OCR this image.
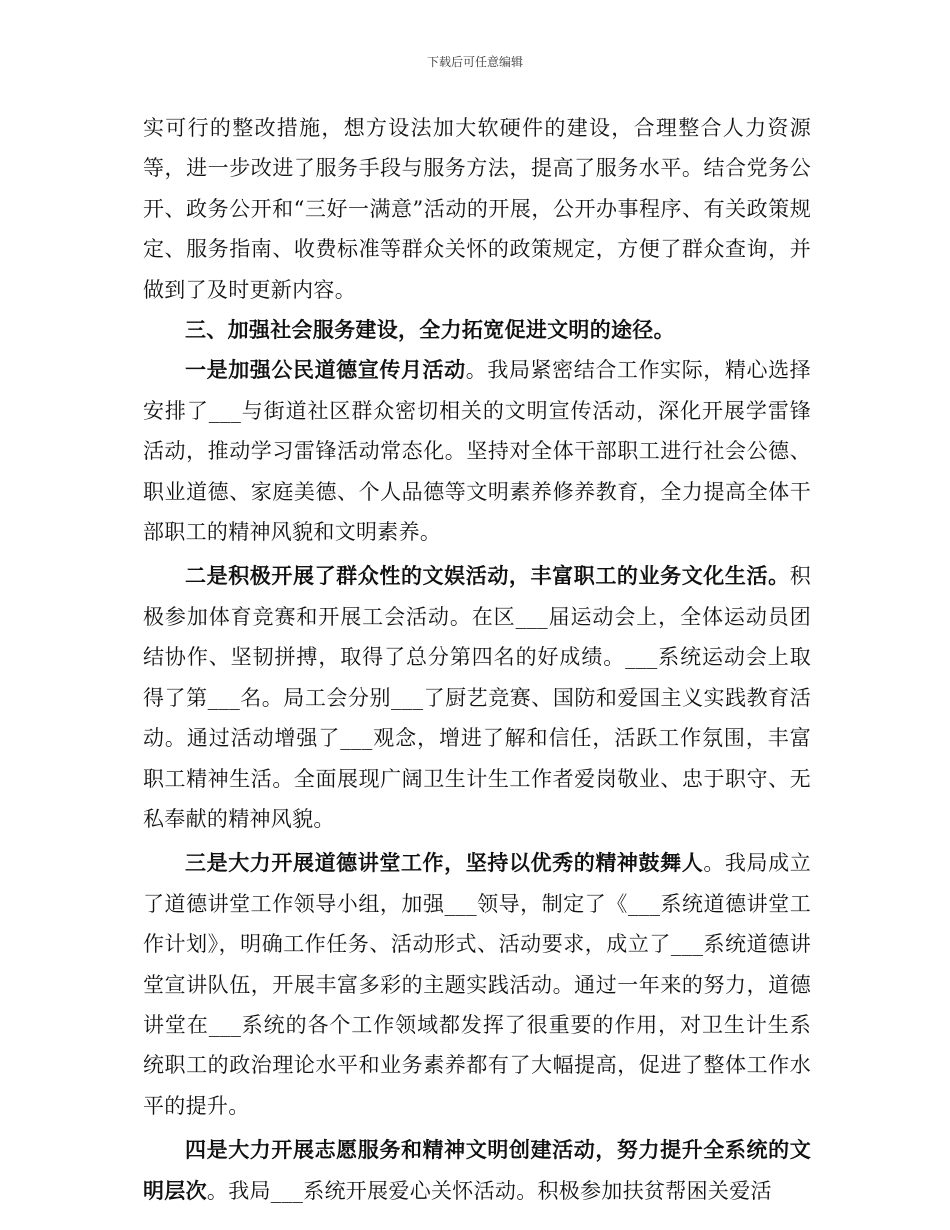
下载后可任意编辑

实可行的整改措施，想方设法加大软硬件的建设，合理整合人力资源等，进一步改进了服务手段与服务方法，提高了服务水平。结合党务公开、政务公开和“三好一满意”活动的开展，公开办事程序、有关政策规定、服务指南、收费标准等群众关怀的政策规定，方便了群众查询，并做到了及时更新内容。

三、加强社会服务建设，全力拓宽促进文明的途径。

一是加强公民道德宣传月活动。我局紧密结合工作实际，精心选择安排了___与街道社区群众密切相关的文明宣传活动，深化开展学雷锋活动，推动学习雷锋活动常态化。坚持对全体干部职工进行社会公德、职业道德、家庭美德、个人品德等文明素养修养教育，全力提高全体干部职工的精神风貌和文明素养。

二是积极开展了群众性的文娱活动，丰富职工的业务文化生活。积极参加体育竞赛和开展工会活动。在区___届运动会上，全体运动员团结协作、坚韧拼搏，取得了总分第四名的好成绩。___系统运动会上取得了第___名。局工会分别___了厨艺竞赛、国防和爱国主义实践教育活动。通过活动增强了___观念，增进了解和信任，活跃工作氛围，丰富职工精神生活。全面展现广阔卫生计生工作者爱岗敬业、忠于职守、无私奉献的精神风貌。

三是大力开展道德讲堂工作，坚持以优秀的精神鼓舞人。我局成立了道德讲堂工作领导小组，加强___领导，制定了《___系统道德讲堂工作计划》，明确工作任务、活动形式、活动要求，成立了___系统道德讲堂宣讲队伍，开展丰富多彩的主题实践活动。通过一年来的努力，道德讲堂在___系统的各个工作领域都发挥了很重要的作用，对卫生计生系统职工的政治理论水平和业务素养都有了大幅提高，促进了整体工作水平的提升。

四是大力开展志愿服务和精神文明创建活动，努力提升全系统的文明层次。我局___系统开展爱心关怀活动。积极参加扶贫帮困关爱活
